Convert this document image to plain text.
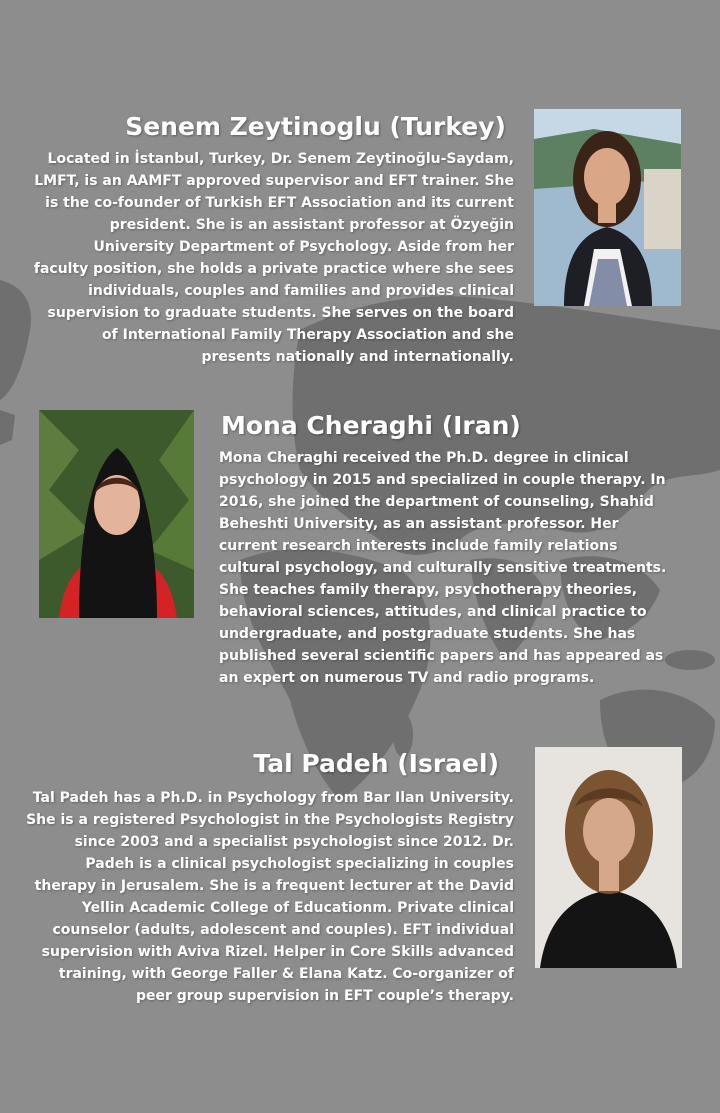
Senem Zeytinoglu (Turkey)
Located in İstanbul, Turkey, Dr. Senem Zeytinoğlu-Saydam,
LMFT, is an AAMFT approved supervisor and EFT trainer. She
is the co-founder of Turkish EFT Association and its current
president. She is an assistant professor at Özyeğin
University Department of Psychology. Aside from her
faculty position, she holds a private practice where she sees
individuals, couples and families and provides clinical
supervision to graduate students. She serves on the board
of International Family Therapy Association and she
presents nationally and internationally.
Mona Cheraghi (Iran)
Mona Cheraghi received the Ph.D. degree in clinical
psychology in 2015 and specialized in couple therapy. In
2016, she joined the department of counseling, Shahid
Beheshti University, as an assistant professor. Her
current research interests include family relations
cultural psychology, and culturally sensitive treatments.
She teaches family therapy, psychotherapy theories,
behavioral sciences, attitudes, and clinical practice to
undergraduate, and postgraduate students. She has
published several scientific papers and has appeared as
an expert on numerous TV and radio programs.
Tal Padeh (Israel)
Tal Padeh has a Ph.D. in Psychology from Bar Ilan University.
She is a registered Psychologist in the Psychologists Registry
since 2003 and a specialist psychologist since 2012. Dr.
Padeh is a clinical psychologist specializing in couples
therapy in Jerusalem. She is a frequent lecturer at the David
Yellin Academic College of Educationm. Private clinical
counselor (adults, adolescent and couples). EFT individual
supervision with Aviva Rizel. Helper in Core Skills advanced
training, with George Faller & Elana Katz. Co-organizer of
peer group supervision in EFT couple’s therapy.
